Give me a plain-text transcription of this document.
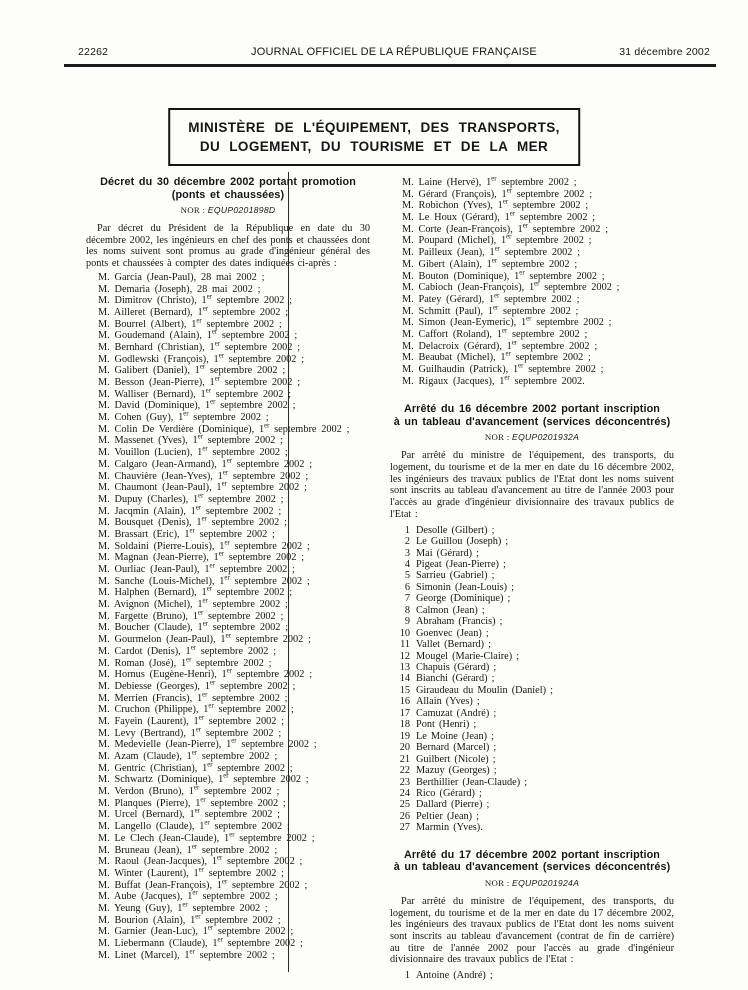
22262	JOURNAL OFFICIEL DE LA RÉPUBLIQUE FRANÇAISE	31 décembre 2002
MINISTÈRE DE L'ÉQUIPEMENT, DES TRANSPORTS,
DU LOGEMENT, DU TOURISME ET DE LA MER
Décret du 30 décembre 2002 portant promotion
(ponts et chaussées)
NOR : EQUP0201898D

Par décret du Président de la République en date du 30 décembre 2002, les ingénieurs en chef des ponts et chaussées dont les noms suivent sont promus au grade d'ingénieur général des ponts et chaussées à compter des dates indiquées ci-après :

M. Garcia (Jean-Paul), 28 mai 2002 ;
M. Demaria (Joseph), 28 mai 2002 ;
M. Dimitrov (Christo), 1er septembre 2002 ;
M. Ailleret (Bernard), 1er septembre 2002 ;
M. Bourrel (Albert), 1er septembre 2002 ;
M. Goudemand (Alain), 1er septembre 2002 ;
M. Bernhard (Christian), 1er septembre 2002 ;
M. Godlewski (François), 1er septembre 2002 ;
M. Galibert (Daniel), 1er septembre 2002 ;
M. Besson (Jean-Pierre), 1er septembre 2002 ;
M. Walliser (Bernard), 1er septembre 2002 ;
M. David (Dominique), 1er septembre 2002 ;
M. Cohen (Guy), 1er septembre 2002 ;
M. Colin De Verdière (Dominique), 1er septembre 2002 ;
M. Massenet (Yves), 1er septembre 2002 ;
M. Vouillon (Lucien), 1er septembre 2002 ;
M. Calgaro (Jean-Armand), 1er septembre 2002 ;
M. Chauvière (Jean-Yves), 1er septembre 2002 ;
M. Chaumont (Jean-Paul), 1er septembre 2002 ;
M. Dupuy (Charles), 1er septembre 2002 ;
M. Jacqmin (Alain), 1er septembre 2002 ;
M. Bousquet (Denis), 1er septembre 2002 ;
M. Brassart (Eric), 1er septembre 2002 ;
M. Soldaini (Pierre-Louis), 1er septembre 2002 ;
M. Magnan (Jean-Pierre), 1er septembre 2002 ;
M. Ourliac (Jean-Paul), 1er septembre 2002 ;
M. Sanche (Louis-Michel), 1er septembre 2002 ;
M. Halphen (Bernard), 1er septembre 2002 ;
M. Avignon (Michel), 1er septembre 2002 ;
M. Fargette (Bruno), 1er septembre 2002 ;
M. Boucher (Claude), 1er septembre 2002 ;
M. Gourmelon (Jean-Paul), 1er septembre 2002 ;
M. Cardot (Denis), 1er septembre 2002 ;
M. Roman (José), 1er septembre 2002 ;
M. Hornus (Eugène-Henri), 1er septembre 2002 ;
M. Debiesse (Georges), 1er septembre 2002 ;
M. Merrien (Francis), 1er septembre 2002 ;
M. Cruchon (Philippe), 1er septembre 2002 ;
M. Fayein (Laurent), 1er septembre 2002 ;
M. Levy (Bertrand), 1er septembre 2002 ;
M. Medevielle (Jean-Pierre), 1er septembre 2002 ;
M. Azam (Claude), 1er septembre 2002 ;
M. Gentric (Christian), 1er septembre 2002 ;
M. Schwartz (Dominique), 1er septembre 2002 ;
M. Verdon (Bruno), 1er septembre 2002 ;
M. Planques (Pierre), 1er septembre 2002 ;
M. Urcel (Bernard), 1er septembre 2002 ;
M. Langello (Claude), 1er septembre 2002 ;
M. Le Clech (Jean-Claude), 1er septembre 2002 ;
M. Bruneau (Jean), 1er septembre 2002 ;
M. Raoul (Jean-Jacques), 1er septembre 2002 ;
M. Winter (Laurent), 1er septembre 2002 ;
M. Buffat (Jean-François), 1er septembre 2002 ;
M. Aube (Jacques), 1er septembre 2002 ;
M. Yeung (Guy), 1er septembre 2002 ;
M. Bourion (Alain), 1er septembre 2002 ;
M. Garnier (Jean-Luc), 1er septembre 2002 ;
M. Liebermann (Claude), 1er septembre 2002 ;
M. Linet (Marcel), 1er septembre 2002 ;
M. Laine (Hervé), 1er septembre 2002 ;
M. Gérard (François), 1er septembre 2002 ;
M. Robichon (Yves), 1er septembre 2002 ;
M. Le Houx (Gérard), 1er septembre 2002 ;
M. Corte (Jean-François), 1er septembre 2002 ;
M. Poupard (Michel), 1er septembre 2002 ;
M. Pailleux (Jean), 1er septembre 2002 ;
M. Gibert (Alain), 1er septembre 2002 ;
M. Bouton (Dominique), 1er septembre 2002 ;
M. Cabioch (Jean-François), 1er septembre 2002 ;
M. Patey (Gérard), 1er septembre 2002 ;
M. Schmitt (Paul), 1er septembre 2002 ;
M. Simon (Jean-Eymeric), 1er septembre 2002 ;
M. Caffort (Roland), 1er septembre 2002 ;
M. Delacroix (Gérard), 1er septembre 2002 ;
M. Beaubat (Michel), 1er septembre 2002 ;
M. Guilhaudin (Patrick), 1er septembre 2002 ;
M. Rigaux (Jacques), 1er septembre 2002.
Arrêté du 16 décembre 2002 portant inscription
à un tableau d'avancement (services déconcentrés)
NOR : EQUP0201932A

Par arrêté du ministre de l'équipement, des transports, du logement, du tourisme et de la mer en date du 16 décembre 2002, les ingénieurs des travaux publics de l'Etat dont les noms suivent sont inscrits au tableau d'avancement au titre de l'année 2003 pour l'accès au grade d'ingénieur divisionnaire des travaux publics de l'Etat :

1 Desolle (Gilbert) ;
2 Le Guillou (Joseph) ;
3 Mai (Gérard) ;
4 Pigeat (Jean-Pierre) ;
5 Sarrieu (Gabriel) ;
6 Simonin (Jean-Louis) ;
7 George (Dominique) ;
8 Calmon (Jean) ;
9 Abraham (Francis) ;
10 Goenvec (Jean) ;
11 Vallet (Bernard) ;
12 Mougel (Marie-Claire) ;
13 Chapuis (Gérard) ;
14 Bianchi (Gérard) ;
15 Giraudeau du Moulin (Daniel) ;
16 Allain (Yves) ;
17 Camuzat (André) ;
18 Pont (Henri) ;
19 Le Moine (Jean) ;
20 Bernard (Marcel) ;
21 Guilbert (Nicole) ;
22 Mazuy (Georges) ;
23 Berthillier (Jean-Claude) ;
24 Rico (Gérard) ;
25 Dallard (Pierre) ;
26 Peltier (Jean) ;
27 Marmin (Yves).
Arrêté du 17 décembre 2002 portant inscription
à un tableau d'avancement (services déconcentrés)
NOR : EQUP0201924A

Par arrêté du ministre de l'équipement, des transports, du logement, du tourisme et de la mer en date du 17 décembre 2002, les ingénieurs des travaux publics de l'Etat dont les noms suivent sont inscrits au tableau d'avancement (contrat de fin de carrière) au titre de l'année 2002 pour l'accès au grade d'ingénieur divisionnaire des travaux publics de l'Etat :

1 Antoine (André) ;
